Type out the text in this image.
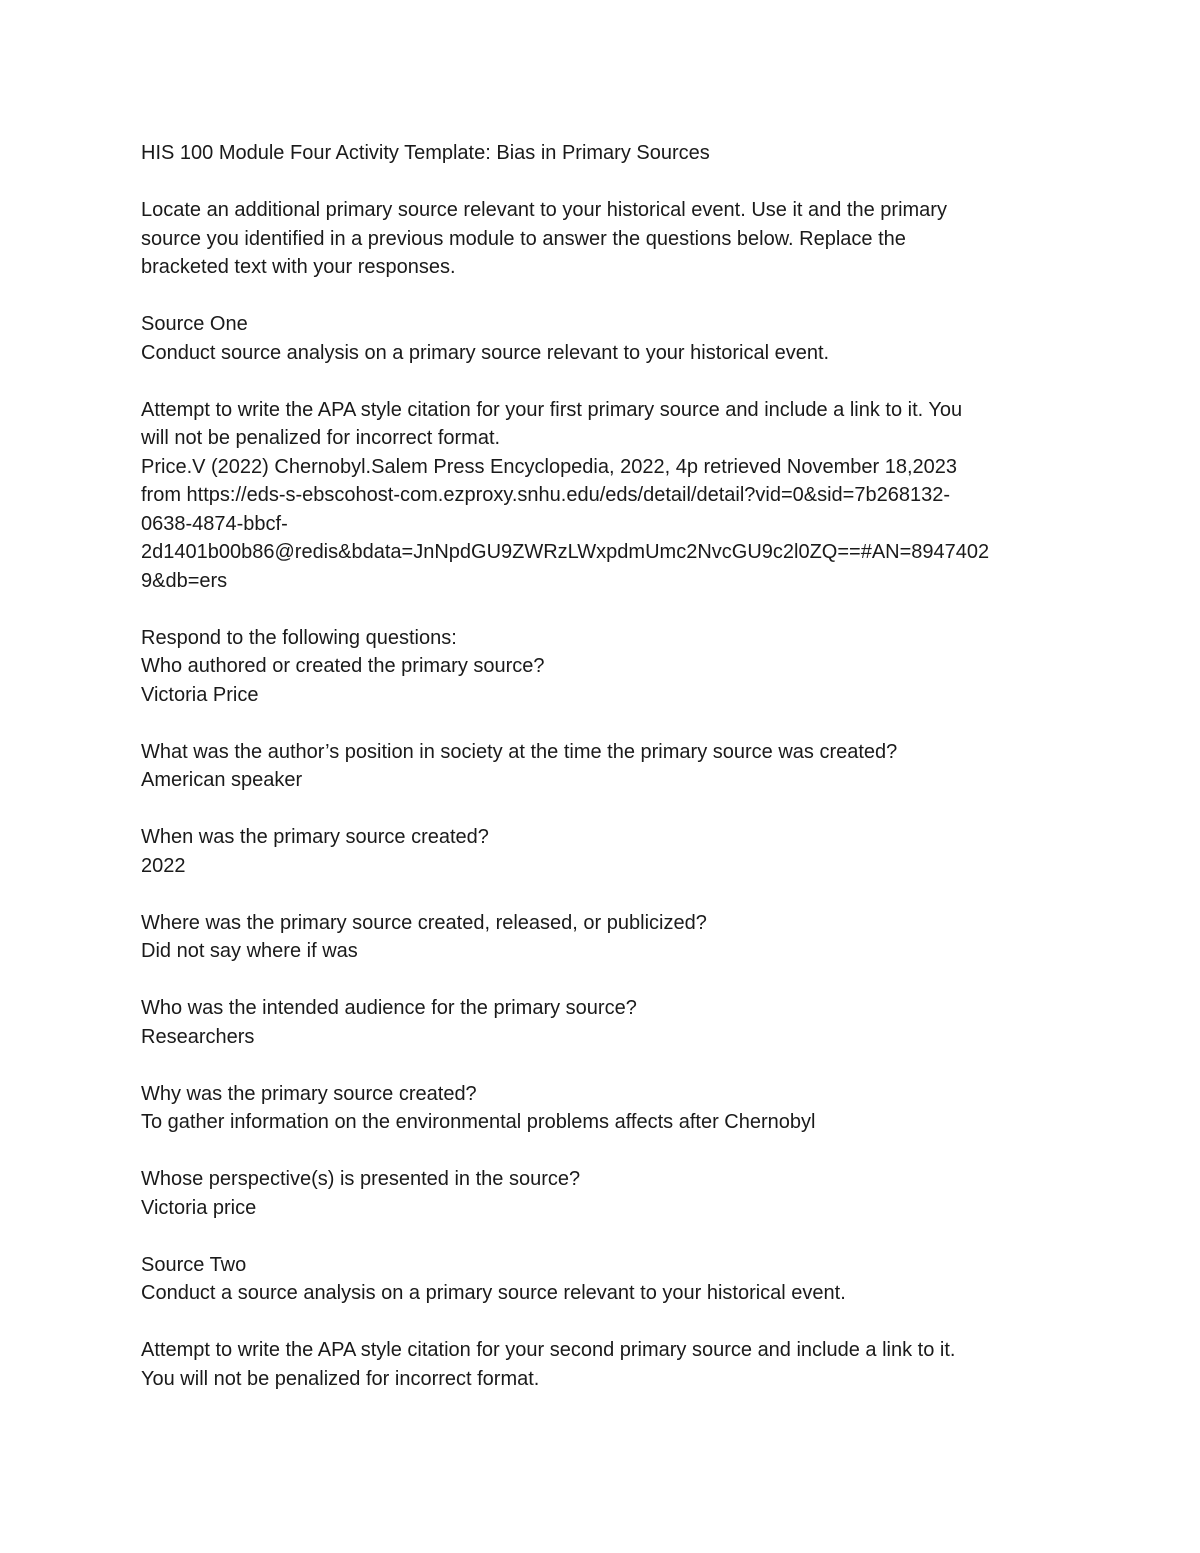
HIS 100 Module Four Activity Template: Bias in Primary Sources
Locate an additional primary source relevant to your historical event. Use it and the primary
source you identified in a previous module to answer the questions below. Replace the
bracketed text with your responses.
Source One
Conduct source analysis on a primary source relevant to your historical event.
Attempt to write the APA style citation for your first primary source and include a link to it. You
will not be penalized for incorrect format.
Price.V (2022) Chernobyl.Salem Press Encyclopedia, 2022, 4p retrieved November 18,2023
from https://eds-s-ebscohost-com.ezproxy.snhu.edu/eds/detail/detail?vid=0&sid=7b268132-
0638-4874-bbcf-
2d1401b00b86@redis&bdata=JnNpdGU9ZWRzLWxpdmUmc2NvcGU9c2l0ZQ==#AN=8947402
9&db=ers
Respond to the following questions:
Who authored or created the primary source?
Victoria Price
What was the author’s position in society at the time the primary source was created?
American speaker
When was the primary source created?
2022
Where was the primary source created, released, or publicized?
Did not say where if was
Who was the intended audience for the primary source?
Researchers
Why was the primary source created?
To gather information on the environmental problems affects after Chernobyl
Whose perspective(s) is presented in the source?
Victoria price
Source Two
Conduct a source analysis on a primary source relevant to your historical event.
Attempt to write the APA style citation for your second primary source and include a link to it.
You will not be penalized for incorrect format.
